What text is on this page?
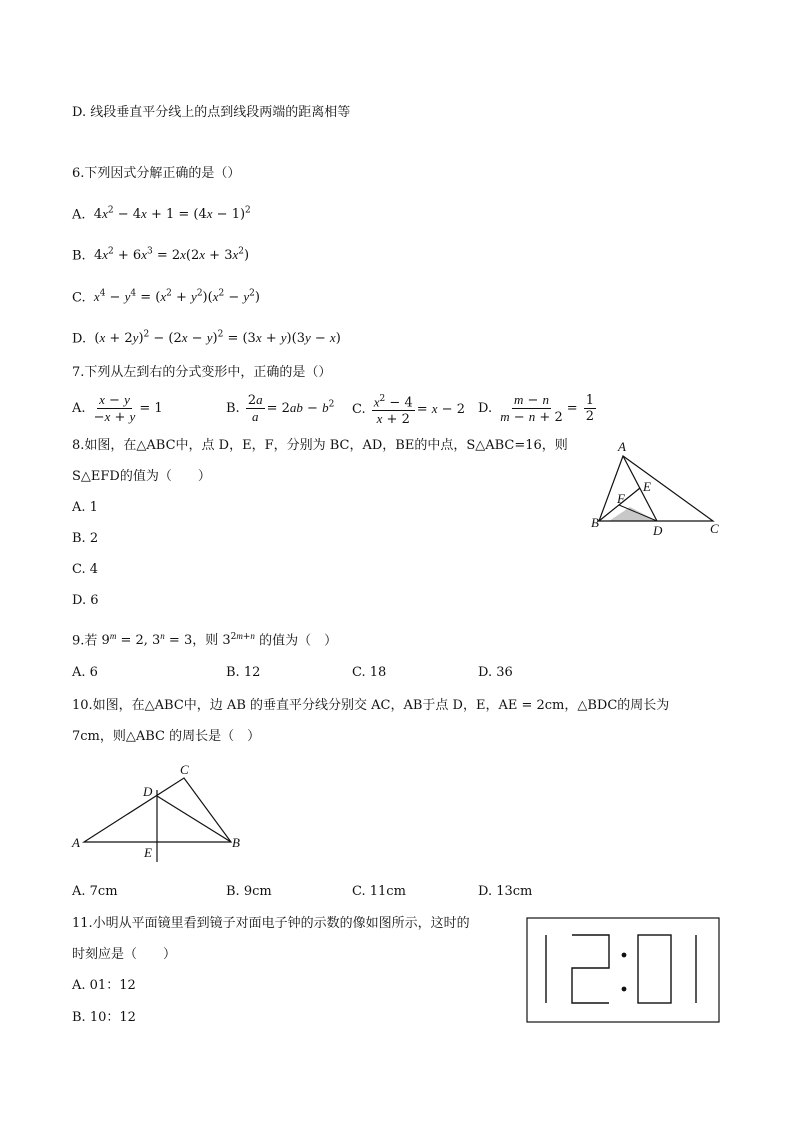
D. 线段垂直平分线上的点到线段两端的距离相等
6.下列因式分解正确的是（）
A.  $4x^2 - 4x + 1 = (4x - 1)^2$
B.  $4x^2 + 6x^3 = 2x(2x + 3x^2)$
C. $x^4 - y^4 = (x^2 + y^2)(x^2 - y^2)$
D.  $(x + 2y)^2 - (2x - y)^2 = (3x + y)(3y - x)$
7.下列从左到右的分式变形中，正确的是（）
A. $\frac{x - y}{-x + y} = 1$	B. $\frac{2a}{a} = 2ab - b^2$ C. $\frac{x^2 - 4}{x + 2} = x - 2$ D. $\frac{m - n}{m - n + 2} = \frac{1}{2}$
8.如图，在△ABC中，点 D，E，F，分别为 BC，AD，BE的中点，S△ABC=16，则
S△EFD的值为（　　）
A. 1
B. 2
C. 4
D. 6
A
B	C
D
E
F
9.若 $9^m = 2$, $3^n = 3$，则 $3^{2m+n}$ 的值为（　）
A. 6	B. 12	C. 18	D. 36
10.如图，在△ABC中，边 AB 的垂直平分线分别交 AC，AB于点 D，E，AE = 2cm，△BDC的周长为
7cm，则△ABC 的周长是（　）
A	B
C
D
E
A. 7cm	B. 9cm	C. 11cm	D. 13cm
11.小明从平面镜里看到镜子对面电子钟的示数的像如图所示，这时的
时刻应是（　　）
A. 01：12
B. 10：12
